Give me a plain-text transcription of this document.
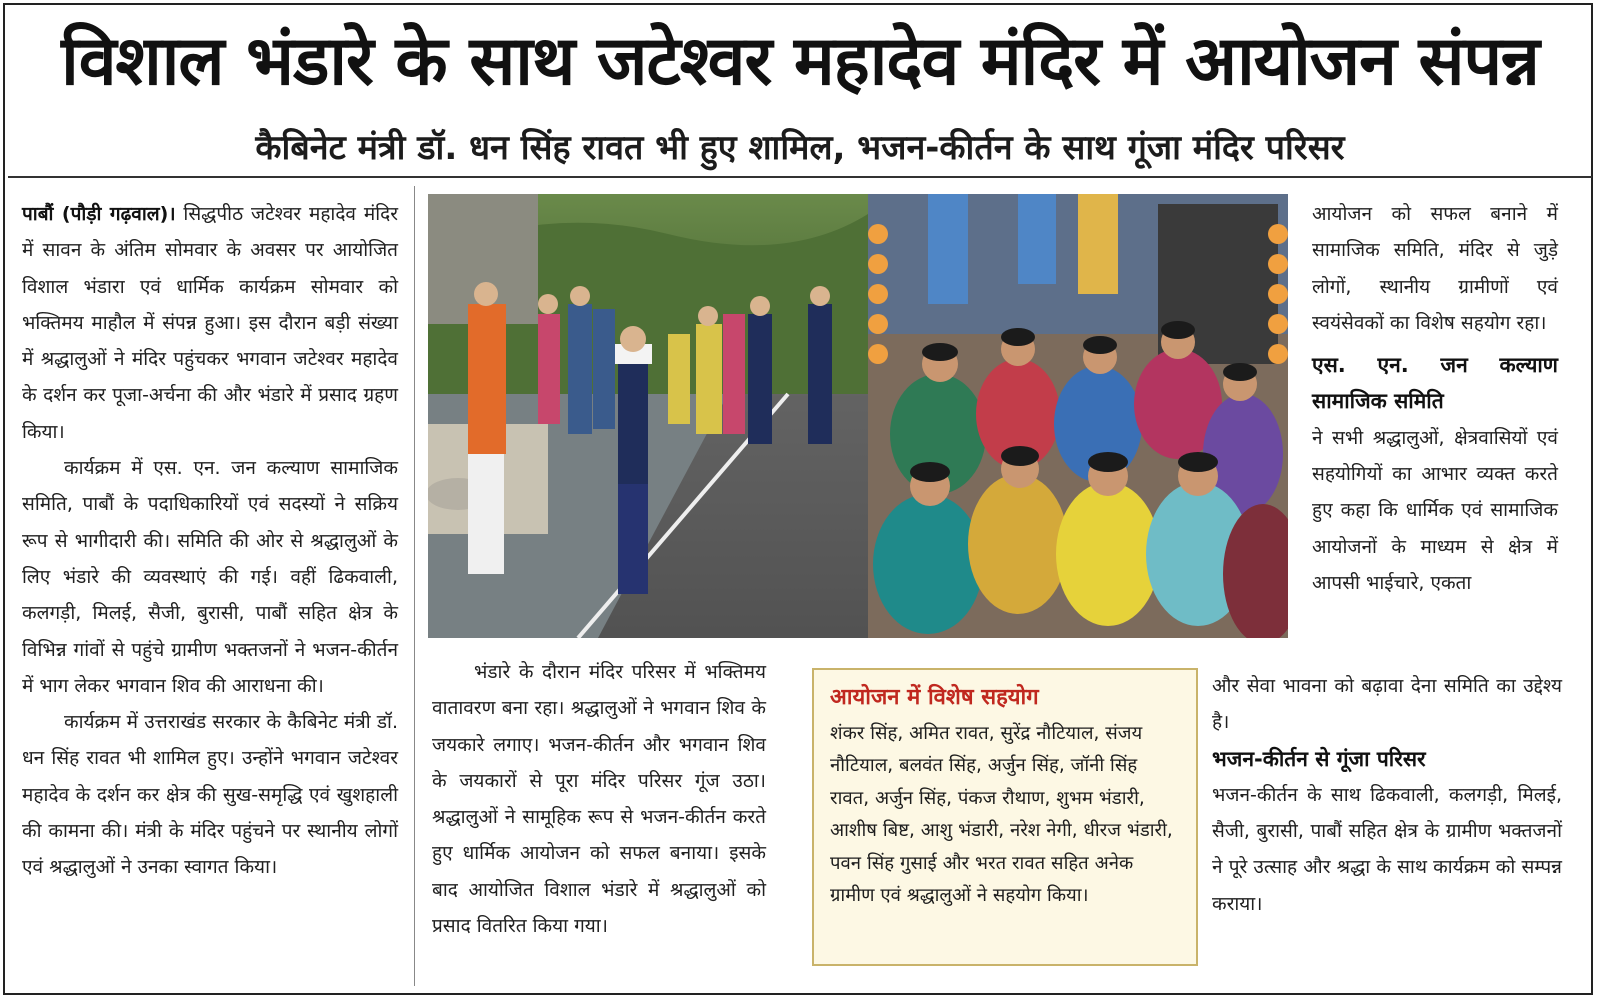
विशाल भंडारे के साथ जटेश्वर महादेव मंदिर में आयोजन संपन्न
कैबिनेट मंत्री डॉ. धन सिंह रावत भी हुए शामिल, भजन-कीर्तन के साथ गूंजा मंदिर परिसर

पाबौं (पौड़ी गढ़वाल)। सिद्धपीठ जटेश्वर महादेव मंदिर में सावन के अंतिम सोमवार के अवसर पर आयोजित विशाल भंडारा एवं धार्मिक कार्यक्रम सोमवार को भक्तिमय माहौल में संपन्न हुआ। इस दौरान बड़ी संख्या में श्रद्धालुओं ने मंदिर पहुंचकर भगवान जटेश्वर महादेव के दर्शन कर पूजा-अर्चना की और भंडारे में प्रसाद ग्रहण किया।

कार्यक्रम में एस. एन. जन कल्याण सामाजिक समिति, पाबौं के पदाधिकारियों एवं सदस्यों ने सक्रिय रूप से भागीदारी की। समिति की ओर से श्रद्धालुओं के लिए भंडारे की व्यवस्थाएं की गई। वहीं ढिकवाली, कलगड़ी, मिलई, सैजी, बुरासी, पाबौं सहित क्षेत्र के विभिन्न गांवों से पहुंचे ग्रामीण भक्तजनों ने भजन-कीर्तन में भाग लेकर भगवान शिव की आराधना की।

कार्यक्रम में उत्तराखंड सरकार के कैबिनेट मंत्री डॉ. धन सिंह रावत भी शामिल हुए। उन्होंने भगवान जटेश्वर महादेव के दर्शन कर क्षेत्र की सुख-समृद्धि एवं खुशहाली की कामना की। मंत्री के मंदिर पहुंचने पर स्थानीय लोगों एवं श्रद्धालुओं ने उनका स्वागत किया।

भंडारे के दौरान मंदिर परिसर में भक्तिमय वातावरण बना रहा। श्रद्धालुओं ने भगवान शिव के जयकारे लगाए। भजन-कीर्तन और भगवान शिव के जयकारों से पूरा मंदिर परिसर गूंज उठा। श्रद्धालुओं ने सामूहिक रूप से भजन-कीर्तन करते हुए धार्मिक आयोजन को सफल बनाया। इसके बाद आयोजित विशाल भंडारे में श्रद्धालुओं को प्रसाद वितरित किया गया।

आयोजन में विशेष सहयोग

शंकर सिंह, अमित रावत, सुरेंद्र नौटियाल, संजय नौटियाल, बलवंत सिंह, अर्जुन सिंह, जॉनी सिंह रावत, अर्जुन सिंह, पंकज रौथाण, शुभम भंडारी, आशीष बिष्ट, आशु भंडारी, नरेश नेगी, धीरज भंडारी, पवन सिंह गुसाई और भरत रावत सहित अनेक ग्रामीण एवं श्रद्धालुओं ने सहयोग किया।

आयोजन को सफल बनाने में सामाजिक समिति, मंदिर से जुड़े लोगों, स्थानीय ग्रामीणों एवं स्वयंसेवकों का विशेष सहयोग रहा।

एस. एन. जन कल्याण सामाजिक समिति

ने सभी श्रद्धालुओं, क्षेत्रवासियों एवं सहयोगियों का आभार व्यक्त करते हुए कहा कि धार्मिक एवं सामाजिक आयोजनों के माध्यम से क्षेत्र में आपसी भाईचारे, एकता

और सेवा भावना को बढ़ावा देना समिति का उद्देश्य है।

भजन-कीर्तन से गूंजा परिसर

भजन-कीर्तन के साथ ढिकवाली, कलगड़ी, मिलई, सैजी, बुरासी, पाबौं सहित क्षेत्र के ग्रामीण भक्तजनों ने पूरे उत्साह और श्रद्धा के साथ कार्यक्रम को सम्पन्न कराया।
